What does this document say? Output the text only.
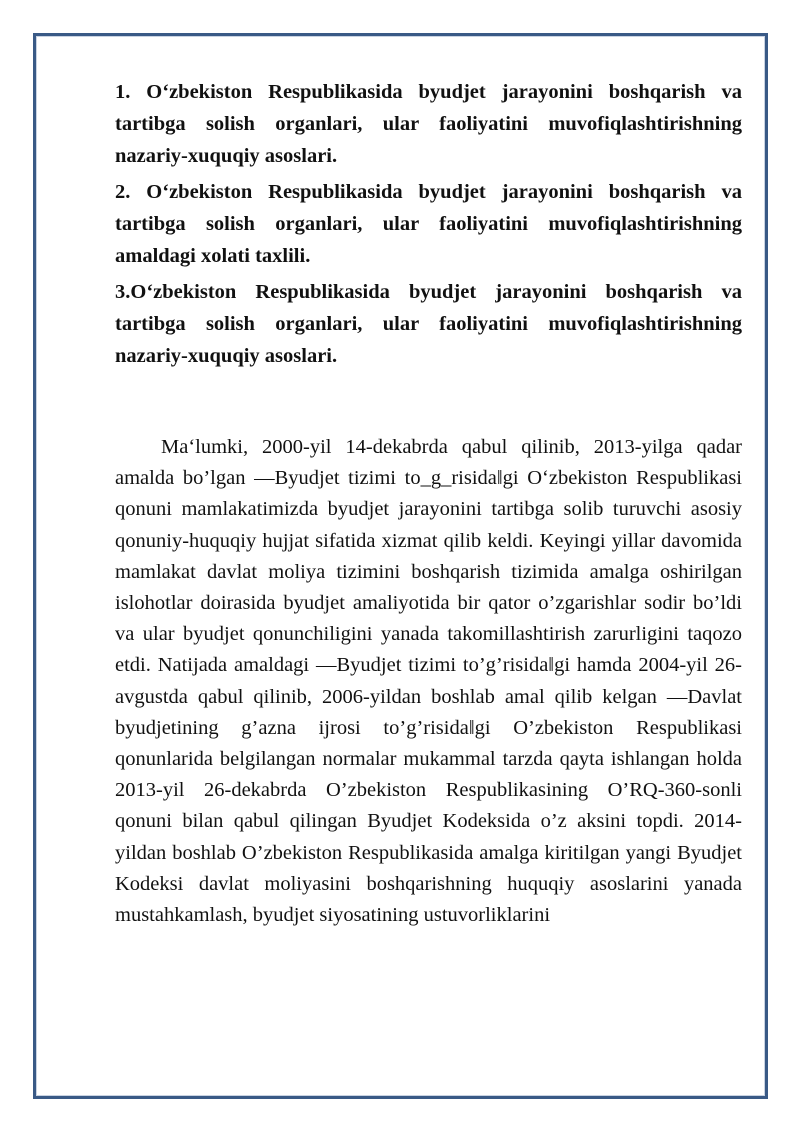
1. O‘zbekiston Respublikasida byudjet jarayonini boshqarish va tartibga solish organlari, ular faoliyatini muvofiqlashtirishning nazariy-xuquqiy asoslari.

2. O‘zbekiston Respublikasida byudjet jarayonini boshqarish va tartibga solish organlari, ular faoliyatini muvofiqlashtirishning amaldagi xolati taxlili.

3.O‘zbekiston Respublikasida byudjet jarayonini boshqarish va tartibga solish organlari, ular faoliyatini muvofiqlashtirishning nazariy-xuquqiy asoslari.

Ma‘lumki, 2000-yil 14-dekabrda qabul qilinib, 2013-yilga qadar amalda bo’lgan ―Byudjet tizimi to_g_risida‖gi O‘zbekiston Respublikasi qonuni mamlakatimizda byudjet jarayonini tartibga solib turuvchi asosiy qonuniy-huquqiy hujjat sifatida xizmat qilib keldi. Keyingi yillar davomida mamlakat davlat moliya tizimini boshqarish tizimida amalga oshirilgan islohotlar doirasida byudjet amaliyotida bir qator o’zgarishlar sodir bo’ldi va ular byudjet qonunchiligini yanada takomillashtirish zarurligini taqozo etdi. Natijada amaldagi ―Byudjet tizimi to’g’risida‖gi hamda 2004-yil 26-avgustda qabul qilinib, 2006-yildan boshlab amal qilib kelgan ―Davlat byudjetining g’azna ijrosi to’g’risida‖gi O’zbekiston Respublikasi qonunlarida belgilangan normalar mukammal tarzda qayta ishlangan holda 2013-yil 26-dekabrda O’zbekiston Respublikasining O’RQ-360-sonli qonuni bilan qabul qilingan Byudjet Kodeksida o’z aksini topdi. 2014-yildan boshlab O’zbekiston Respublikasida amalga kiritilgan yangi Byudjet Kodeksi davlat moliyasini boshqarishning huquqiy asoslarini yanada mustahkamlash, byudjet siyosatining ustuvorliklarini
